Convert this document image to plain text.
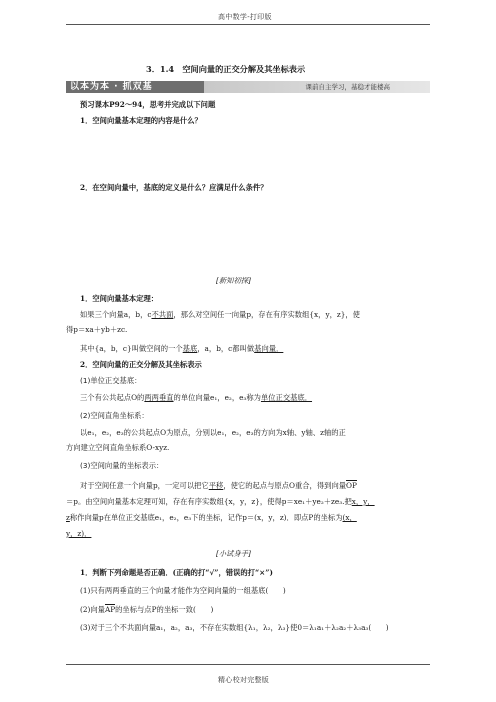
高中数学-打印版
3．1.4　空间向量的正交分解及其坐标表示
以本为本 · 抓双基	课前自主学习，基稳才能楼高
预习课本P92～94，思考并完成以下问题
1．空间向量基本定理的内容是什么？
2．在空间向量中，基底的定义是什么？应满足什么条件？
[新知初探]
1．空间向量基本定理：
如果三个向量a，b，c不共面，那么对空间任一向量p，存在有序实数组{x，y，z}，使
得p＝xa＋yb＋zc.
其中{a，b，c}叫做空间的一个基底，a，b，c都叫做基向量．
2．空间向量的正交分解及其坐标表示
(1)单位正交基底：
三个有公共起点O的两两垂直的单位向量e₁，e₂，e₃称为单位正交基底．
(2)空间直角坐标系：
以e₁，e₂，e₃的公共起点O为原点，分别以e₁，e₂，e₃的方向为x轴、y轴、z轴的正
方向建立空间直角坐标系O-xyz.
(3)空间向量的坐标表示：
对于空间任意一个向量p，一定可以把它平移，使它的起点与原点O重合，得到向量OP
＝p。由空间向量基本定理可知，存在有序实数组{x，y，z}，使得p＝xe₁＋ye₂＋ze₃.把x，y，
z称作向量p在单位正交基底e₁，e₂，e₃下的坐标，记作p＝(x，y，z)．即点P的坐标为(x，
y，z)．
[小试身手]
1．判断下列命题是否正确．(正确的打“√”，错误的打“×”)
(1)只有两两垂直的三个向量才能作为空间向量的一组基底(　　)
(2)向量AP的坐标与点P的坐标一致(　　)
(3)对于三个不共面向量a₁，a₂，a₃，不存在实数组{λ₁，λ₂，λ₃}使0＝λ₁a₁＋λ₂a₂＋λ₃a₃(　　)
精心校对完整版
